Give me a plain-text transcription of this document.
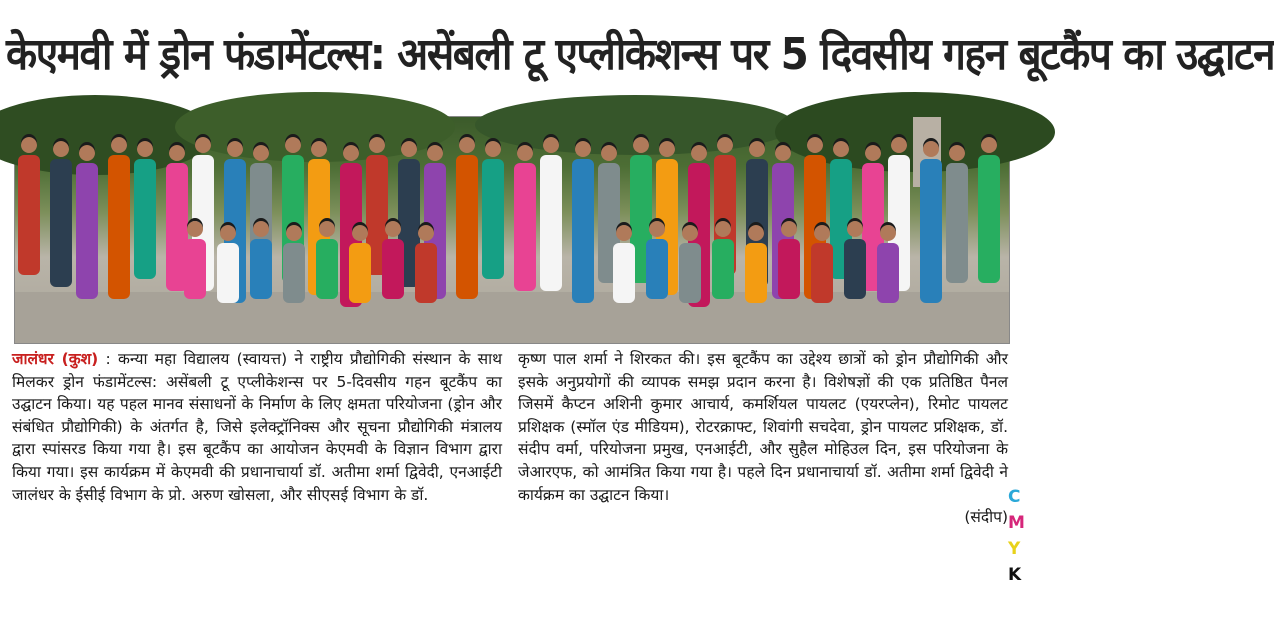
केएमवी में ड्रोन फंडामेंटल्स: असेंबली टू एप्लीकेशन्स पर 5 दिवसीय गहन बूटकैंप का उद्घाटन
जालंधर (कुश) : कन्या महा विद्यालय (स्वायत्त) ने राष्ट्रीय प्रौद्योगिकी संस्थान के साथ मिलकर ड्रोन फंडामेंटल्स: असेंबली टू एप्लीकेशन्स पर 5-दिवसीय गहन बूटकैंप का उद्घाटन किया। यह पहल मानव संसाधनों के निर्माण के लिए क्षमता परियोजना (ड्रोन और संबंधित प्रौद्योगिकी) के अंतर्गत है, जिसे इलेक्ट्रॉनिक्स और सूचना प्रौद्योगिकी मंत्रालय द्वारा स्पांसरड किया गया है। इस बूटकैंप का आयोजन केएमवी के विज्ञान विभाग द्वारा किया गया। इस कार्यक्रम में केएमवी की प्रधानाचार्या डॉ. अतीमा शर्मा द्विवेदी, एनआईटी जालंधर के ईसीई विभाग के प्रो. अरुण खोसला, और सीएसई विभाग के डॉ.
कृष्ण पाल शर्मा ने शिरकत की। इस बूटकैंप का उद्देश्य छात्रों को ड्रोन प्रौद्योगिकी और इसके अनुप्रयोगों की व्यापक समझ प्रदान करना है। विशेषज्ञों की एक प्रतिष्ठित पैनल जिसमें कैप्टन अशिनी कुमार आचार्य, कमर्शियल पायलट (एयरप्लेन), रिमोट पायलट प्रशिक्षक (स्मॉल एंड मीडियम), रोटरक्राफ्ट, शिवांगी सचदेवा, ड्रोन पायलट प्रशिक्षक, डॉ. संदीप वर्मा, परियोजना प्रमुख, एनआईटी, और सुहैल मोहिउल दिन, इस परियोजना के जेआरएफ, को आमंत्रित किया गया है। पहले दिन प्रधानाचार्या डॉ. अतीमा शर्मा द्विवेदी ने कार्यक्रम का उद्घाटन किया।
(संदीप)
C
M
Y
K
